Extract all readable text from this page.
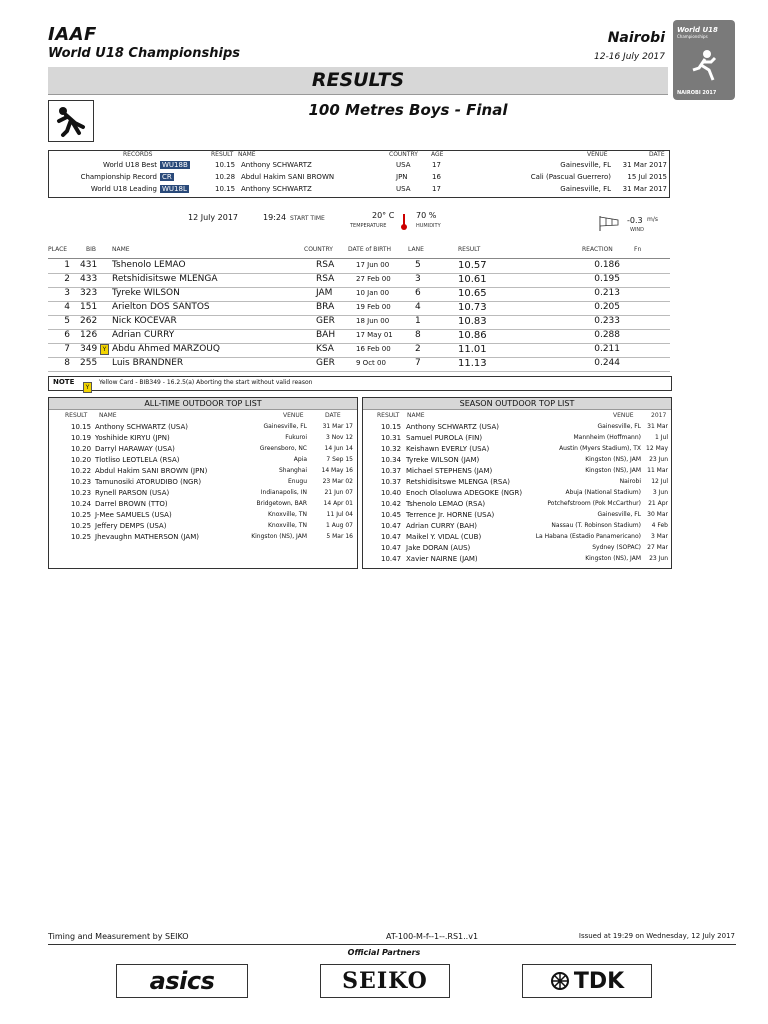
IAAF
World U18 Championships
Nairobi
12-16 July 2017
World U18
Championships
NAIROBI 2017
RESULTS
100 Metres Boys - Final
RECORDS	RESULT NAME	COUNTRY AGE	VENUE	DATE
World U18 Best WU18B	10.15 Anthony SCHWARTZ	USA	17	Gainesville, FL 31 Mar 2017
Championship Record CR	10.28 Abdul Hakim SANI BROWN	JPN	16	Cali (Pascual Guerrero) 15 Jul 2015
World U18 Leading WU18L	10.15 Anthony SCHWARTZ	USA	17	Gainesville, FL 31 Mar 2017
12 July 2017	19:24 START TIME	20° C
TEMPERATURE
70 %
HUMIDITY
-0.3 m/s
WIND
PLACE	BIB	NAME	COUNTRY	DATE of BIRTH	LANE	RESULT	REACTION	Fn
1 431 Tshenolo LEMAO	RSA	17 Jun 00	5	10.57	0.186
2 433 Retshidisitswe MLENGA	RSA	27 Feb 00	3	10.61	0.195
3 323 Tyreke WILSON	JAM	10 Jan 00	6	10.65	0.213
4 151 Arielton DOS SANTOS	BRA	19 Feb 00	4	10.73	0.205
5 262 Nick KOCEVAR	GER	18 Jun 00	1	10.83	0.233
6 126 Adrian CURRY	BAH	17 May 01 8	10.86	0.288
7 349 Y Abdu Ahmed MARZOUQ	KSA	16 Feb 00	2	11.01	0.211
8 255 Luis BRANDNER	GER	9 Oct 00	7	11.13	0.244
NOTE
Y
Yellow Card - BIB349 - 16.2.5(a) Aborting the start without valid reason
ALL-TIME OUTDOOR TOP LIST
RESULT NAME	VENUE	DATE
10.15 Anthony SCHWARTZ (USA)	Gainesville, FL	31 Mar 17
10.19 Yoshihide KIRYU (JPN)	Fukuroi	3 Nov 12
10.20 Darryl HARAWAY (USA)	Greensboro, NC	14 Jun 14
10.20 Tlotliso LEOTLELA (RSA)	Apia	7 Sep 15
10.22 Abdul Hakim SANI BROWN (JPN)	Shanghai 14 May 16
10.23 Tamunosiki ATORUDIBO (NGR)	Enugu	23 Mar 02
10.23 Rynell PARSON (USA)	Indianapolis, IN	21 Jun 07
10.24 Darrel BROWN (TTO)	Bridgetown, BAR	14 Apr 01
10.25 J-Mee SAMUELS (USA)	Knoxville, TN	11 Jul 04
10.25 Jeffery DEMPS (USA)	Knoxville, TN	1 Aug 07
10.25 Jhevaughn MATHERSON (JAM)	Kingston (NS), JAM	5 Mar 16
SEASON OUTDOOR TOP LIST
RESULT NAME	VENUE	2017
10.15 Anthony SCHWARTZ (USA)	Gainesville, FL 31 Mar
10.31 Samuel PUROLA (FIN)	Mannheim (Hoffmann) 1 Jul
10.32 Keishawn EVERLY (USA)	Austin (Myers Stadium), TX 12 May
10.34 Tyreke WILSON (JAM)	Kingston (NS), JAM 23 Jun
10.37 Michael STEPHENS (JAM)	Kingston (NS), JAM 11 Mar
10.37 Retshidisitswe MLENGA (RSA)	Nairobi 12 Jul
10.40 Enoch Olaoluwa ADEGOKE (NGR)	Abuja (National Stadium) 3 Jun
10.42 Tshenolo LEMAO (RSA)	Potchefstroom (Pok McCarthur) 21 Apr
10.45 Terrence Jr. HORNE (USA)	Gainesville, FL 30 Mar
10.47 Adrian CURRY (BAH)	Nassau (T. Robinson Stadium) 4 Feb
10.47 Maikel Y. VIDAL (CUB)	La Habana (Estadio Panamericano) 3 Mar
10.47 Jake DORAN (AUS)	Sydney (SOPAC) 27 Mar
10.47 Xavier NAIRNE (JAM)	Kingston (NS), JAM 23 Jun
Timing and Measurement by SEIKO	AT-100-M-f--1--.RS1..v1	Issued at 19:29 on Wednesday, 12 July 2017
Official Partners
asics	SEIKO	TDK
